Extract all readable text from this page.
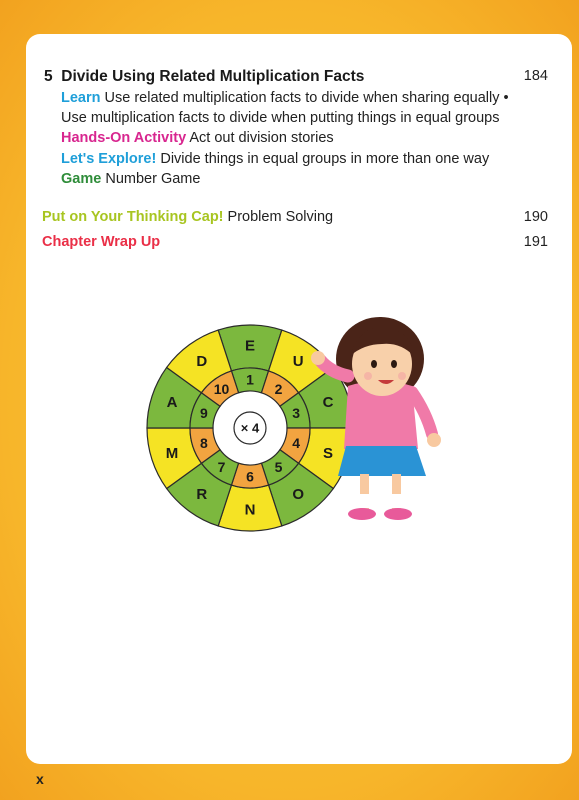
5 Divide Using Related Multiplication Facts	184
Learn Use related multiplication facts to divide when sharing equally •
Use multiplication facts to divide when putting things in equal groups
Hands-On Activity Act out division stories
Let's Explore! Divide things in equal groups in more than one way
Game Number Game
Put on Your Thinking Cap! Problem Solving	190
Chapter Wrap Up	191
E
U
C
S
O
N
R
M
A
D
1
2
3
4
5
6
7
8
9
10
× 4
x
